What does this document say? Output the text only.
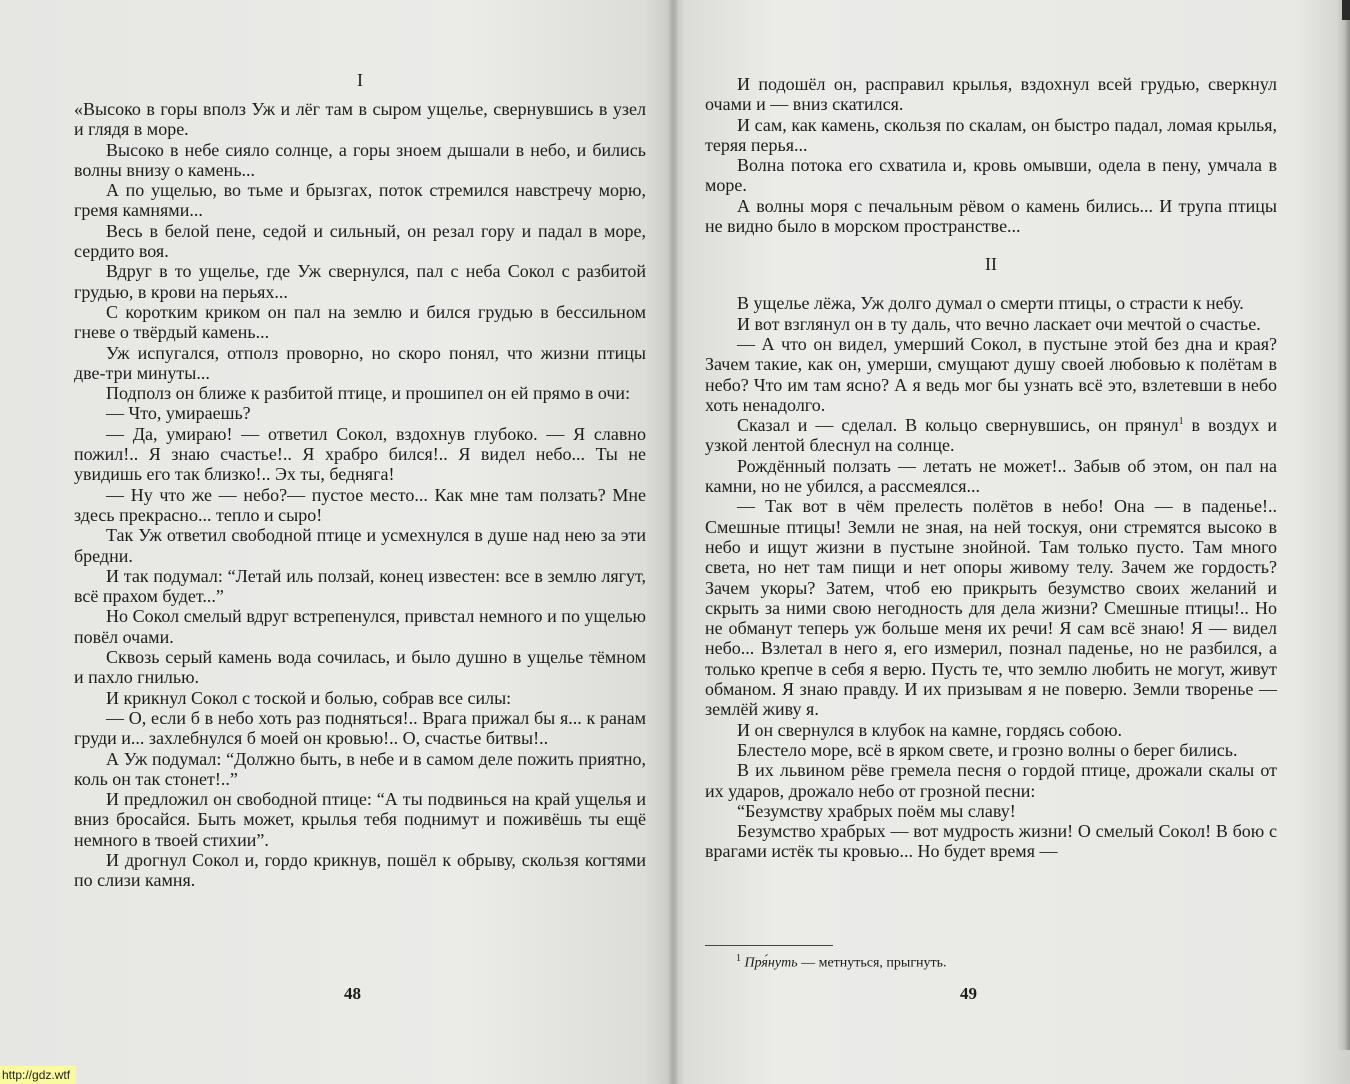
I

«Высоко в горы вполз Уж и лёг там в сыром ущелье, свернувшись в узел и глядя в море.

Высоко в небе сияло солнце, а горы зноем дышали в небо, и бились волны внизу о камень...

А по ущелью, во тьме и брызгах, поток стремился навстречу морю, гремя камнями...

Весь в белой пене, седой и сильный, он резал гору и падал в море, сердито воя.

Вдруг в то ущелье, где Уж свернулся, пал с неба Сокол с разбитой грудью, в крови на перьях...

С коротким криком он пал на землю и бился грудью в бессильном гневе о твёрдый камень...

Уж испугался, отполз проворно, но скоро понял, что жизни птицы две-три минуты...

Подполз он ближе к разбитой птице, и прошипел он ей прямо в очи:

— Что, умираешь?

— Да, умираю! — ответил Сокол, вздохнув глубоко. — Я славно пожил!.. Я знаю счастье!.. Я храбро бился!.. Я видел небо... Ты не увидишь его так близко!.. Эх ты, бедняга!

— Ну что же — небо?— пустое место... Как мне там ползать? Мне здесь прекрасно... тепло и сыро!

Так Уж ответил свободной птице и усмехнулся в душе над нею за эти бредни.

И так подумал: “Летай иль ползай, конец известен: все в землю лягут, всё прахом будет...”

Но Сокол смелый вдруг встрепенулся, привстал немного и по ущелью повёл очами.

Сквозь серый камень вода сочилась, и было душно в ущелье тёмном и пахло гнилью.

И крикнул Сокол с тоской и болью, собрав все силы:

— О, если б в небо хоть раз подняться!.. Врага прижал бы я... к ранам груди и... захлебнулся б моей он кровью!.. О, счастье битвы!..

А Уж подумал: “Должно быть, в небе и в самом деле пожить приятно, коль он так стонет!..”

И предложил он свободной птице: “А ты подвинься на край ущелья и вниз бросайся. Быть может, крылья тебя поднимут и поживёшь ты ещё немного в твоей стихии”.

И дрогнул Сокол и, гордо крикнув, пошёл к обрыву, скользя когтями по слизи камня.

48

И подошёл он, расправил крылья, вздохнул всей грудью, сверкнул очами и — вниз скатился.

И сам, как камень, скользя по скалам, он быстро падал, ломая крылья, теряя перья...

Волна потока его схватила и, кровь омывши, одела в пену, умчала в море.

А волны моря с печальным рёвом о камень бились... И трупа птицы не видно было в морском пространстве...

II

В ущелье лёжа, Уж долго думал о смерти птицы, о страсти к небу.

И вот взглянул он в ту даль, что вечно ласкает очи мечтой о счастье.

— А что он видел, умерший Сокол, в пустыне этой без дна и края? Зачем такие, как он, умерши, смущают душу своей любовью к полётам в небо? Что им там ясно? А я ведь мог бы узнать всё это, взлетевши в небо хоть ненадолго.

Сказал и — сделал. В кольцо свернувшись, он прянул$^1$ в воздух и узкой лентой блеснул на солнце.

Рождённый ползать — летать не может!.. Забыв об этом, он пал на камни, но не убился, а рассмеялся...

— Так вот в чём прелесть полётов в небо! Она — в паденье!.. Смешные птицы! Земли не зная, на ней тоскуя, они стремятся высоко в небо и ищут жизни в пустыне знойной. Там только пусто. Там много света, но нет там пищи и нет опоры живому телу. Зачем же гордость? Зачем укоры? Затем, чтоб ею прикрыть безумство своих желаний и скрыть за ними свою негодность для дела жизни? Смешные птицы!.. Но не обманут теперь уж больше меня их речи! Я сам всё знаю! Я — видел небо... Взлетал в него я, его измерил, познал паденье, но не разбился, а только крепче в себя я верю. Пусть те, что землю любить не могут, живут обманом. Я знаю правду. И их призывам я не поверю. Земли творенье — землёй живу я.

И он свернулся в клубок на камне, гордясь собою.

Блестело море, всё в ярком свете, и грозно волны о берег бились.

В их львином рёве гремела песня о гордой птице, дрожали скалы от их ударов, дрожало небо от грозной песни:

“Безумству храбрых поём мы славу!

Безумство храбрых — вот мудрость жизни! О смелый Сокол! В бою с врагами истёк ты кровью... Но будет время —

$^1$ Пря́нуть — метнуться, прыгнуть.
49
http://gdz.wtf
